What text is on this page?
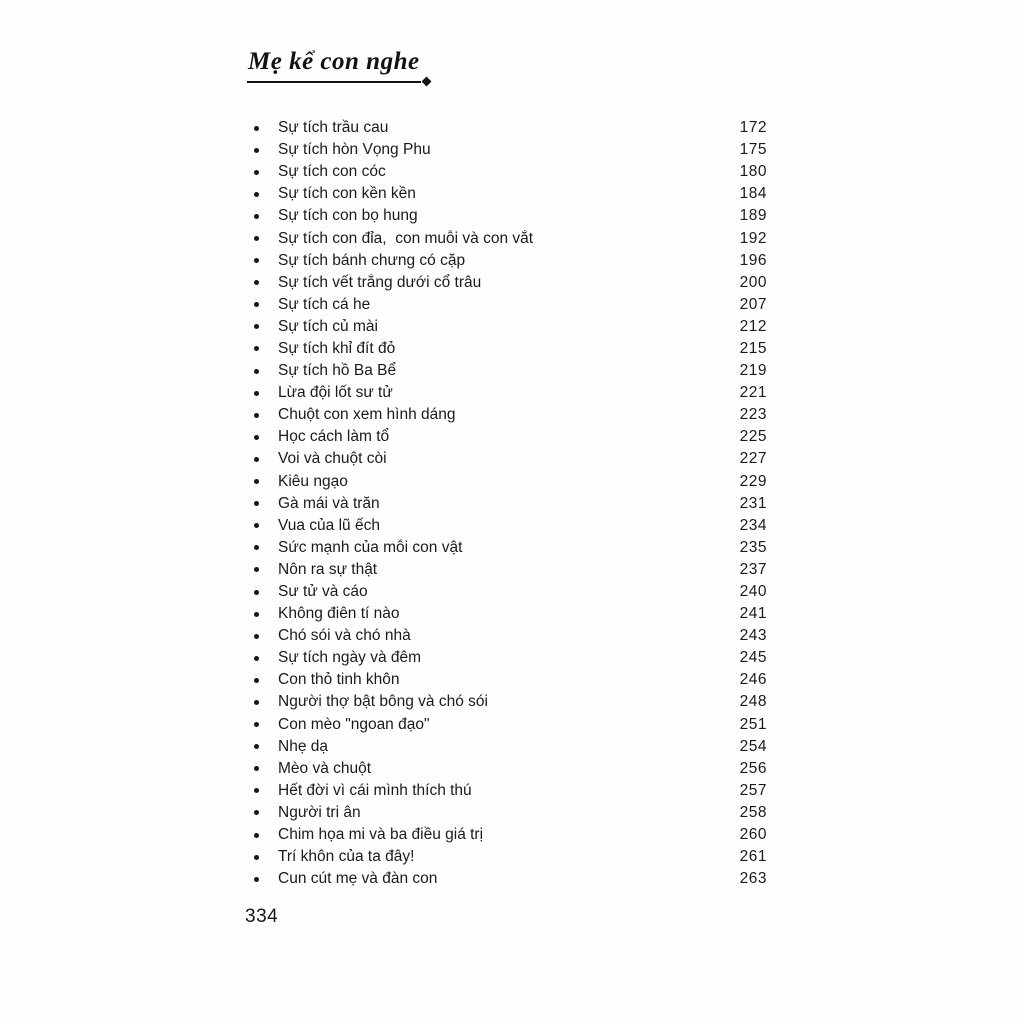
Mẹ kể con nghe
Sự tích trầu cau	172
Sự tích hòn Vọng Phu	175
Sự tích con cóc	180
Sự tích con kền kền	184
Sự tích con bọ hung	189
Sự tích con đỉa,  con muỗi và con vắt	192
Sự tích bánh chưng có cặp	196
Sự tích vết trắng dưới cổ trâu	200
Sự tích cá he	207
Sự tích củ mài	212
Sự tích khỉ đít đỏ	215
Sự tích hồ Ba Bể	219
Lừa đội lốt sư tử	221
Chuột con xem hình dáng	223
Học cách làm tổ	225
Voi và chuột còi	227
Kiêu ngạo	229
Gà mái và trăn	231
Vua của lũ ếch	234
Sức mạnh của mỗi con vật	235
Nôn ra sự thật	237
Sư tử và cáo	240
Không điên tí nào	241
Chó sói và chó nhà	243
Sự tích ngày và đêm	245
Con thỏ tinh khôn	246
Người thợ bật bông và chó sói	248
Con mèo "ngoan đạo"	251
Nhẹ dạ	254
Mèo và chuột	256
Hết đời vì cái mình thích thú	257
Người tri ân	258
Chim họa mi và ba điều giá trị	260
Trí khôn của ta đây!	261
Cun cút mẹ và đàn con	263
334
